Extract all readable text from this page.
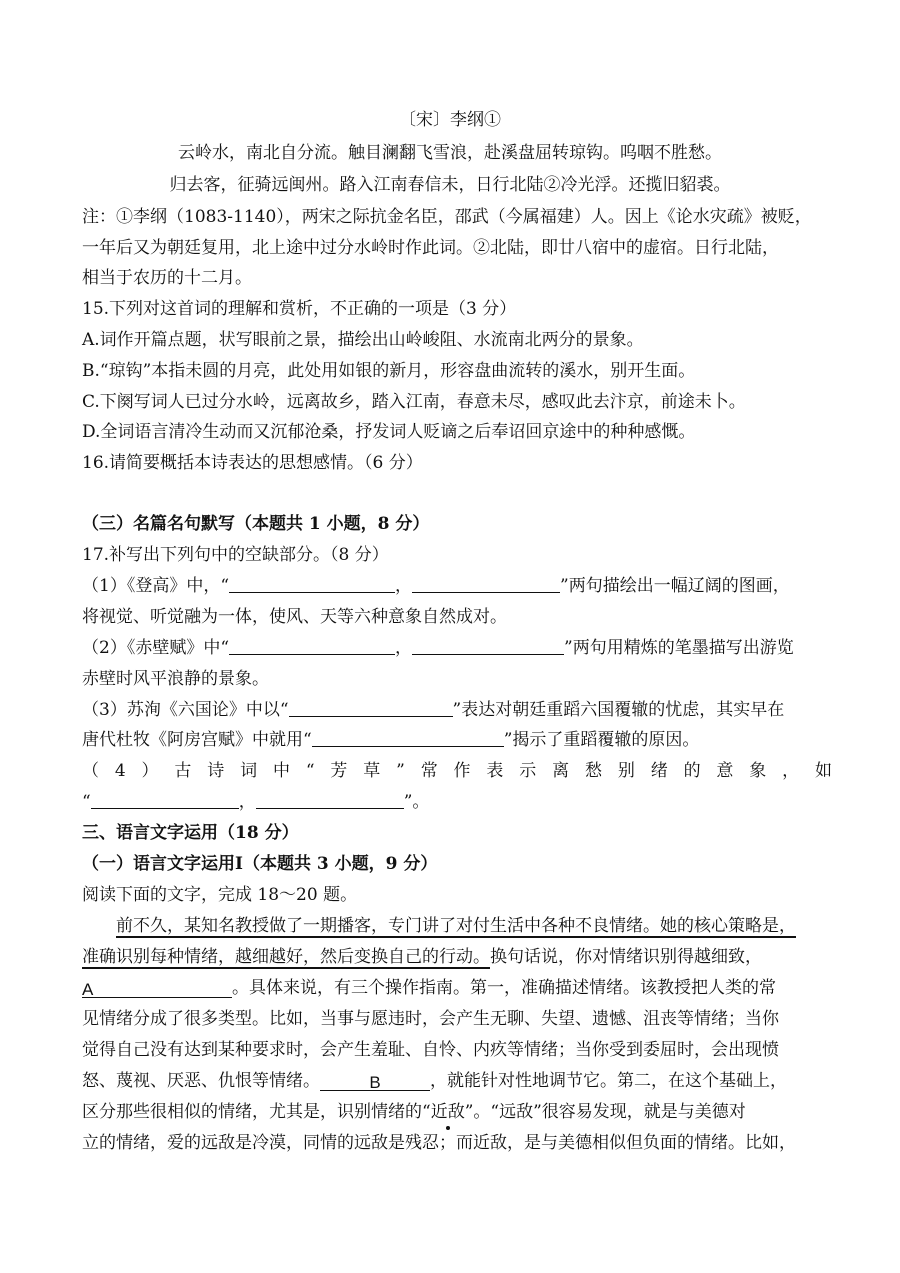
〔宋〕李纲①
云岭水，南北自分流。触目澜翻飞雪浪，赴溪盘屈转琼钩。呜咽不胜愁。
归去客，征骑远闽州。路入江南春信未，日行北陆②冷光浮。还揽旧貂裘。
注：①李纲（1083-1140），两宋之际抗金名臣，邵武（今属福建）人。因上《论水灾疏》被贬，
一年后又为朝廷复用，北上途中过分水岭时作此词。②北陆，即廿八宿中的虚宿。日行北陆，
相当于农历的十二月。
15.下列对这首词的理解和赏析，不正确的一项是（3 分）
A.词作开篇点题，状写眼前之景，描绘出山岭峻阻、水流南北两分的景象。
B.“琼钩”本指未圆的月亮，此处用如银的新月，形容盘曲流转的溪水，别开生面。
C.下阕写词人已过分水岭，远离故乡，踏入江南，春意未尽，感叹此去汴京，前途未卜。
D.全词语言清冷生动而又沉郁沧桑，抒发词人贬谪之后奉诏回京途中的种种感慨。
16.请简要概括本诗表达的思想感情。（6 分）
（三）名篇名句默写（本题共 1 小题，8 分）
17.补写出下列句中的空缺部分。（8 分）
（1）《登高》中，“	，	”两句描绘出一幅辽阔的图画，
将视觉、听觉融为一体，使风、天等六种意象自然成对。
（2）《赤壁赋》中“	，	”两句用精炼的笔墨描写出游览
赤壁时风平浪静的景象。
（3）苏洵《六国论》中以“	”表达对朝廷重蹈六国覆辙的忧虑，其实早在
唐代杜牧《阿房宫赋》中就用“	”揭示了重蹈覆辙的原因。
（ 4 ） 古 诗 词 中 “ 芳 草 ” 常 作 表 示 离 愁 别 绪 的 意 象 ， 如
“	，	”。
三、语言文字运用（18 分）
（一）语言文字运用Ⅰ（本题共 3 小题，9 分）
阅读下面的文字，完成 18～20 题。
前不久，某知名教授做了一期播客，专门讲了对付生活中各种不良情绪。她的核心策略是，
准确识别每种情绪，越细越好，然后变换自己的行动。换句话说，你对情绪识别得越细致，
A	。具体来说，有三个操作指南。第一，准确描述情绪。该教授把人类的常
见情绪分成了很多类型。比如，当事与愿违时，会产生无聊、失望、遗憾、沮丧等情绪；当你
觉得自己没有达到某种要求时，会产生羞耻、自怜、内疚等情绪；当你受到委屈时，会出现愤
怒、蔑视、厌恶、仇恨等情绪。	B	，就能针对性地调节它。第二，在这个基础上，
区分那些很相似的情绪，尤其是，识别情绪的“近敌”。“远敌”很容易发现，就是与美德对
立的情绪，爱的远敌是冷漠，同情的远敌是残忍；而近敌，是与美德相似但负面的情绪。比如，
